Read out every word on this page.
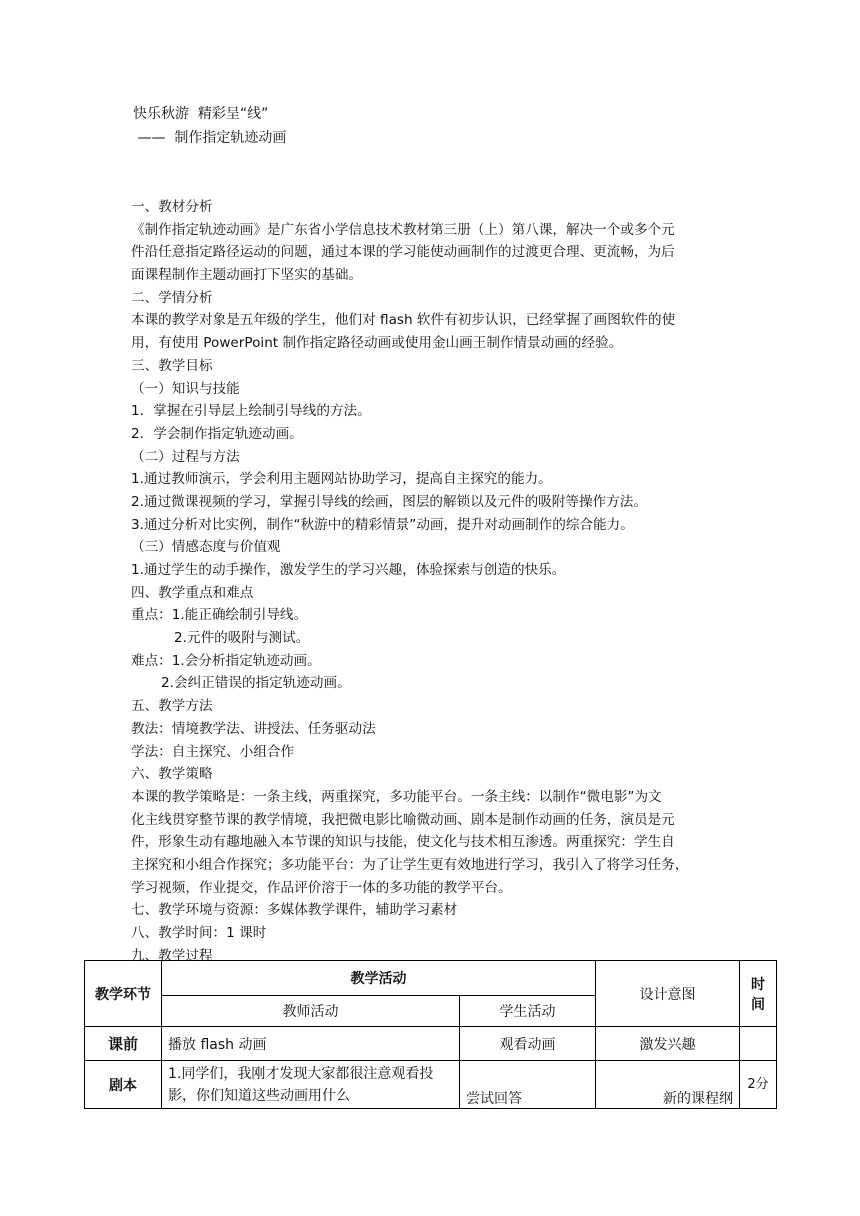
快乐秋游  精彩呈“线”
——  制作指定轨迹动画
一、教材分析
《制作指定轨迹动画》是广东省小学信息技术教材第三册（上）第八课，解决一个或多个元
件沿任意指定路径运动的问题，通过本课的学习能使动画制作的过渡更合理、更流畅，为后
面课程制作主题动画打下坚实的基础。
二、学情分析
本课的教学对象是五年级的学生，他们对 flash 软件有初步认识，已经掌握了画图软件的使
用，有使用 PowerPoint 制作指定路径动画或使用金山画王制作情景动画的经验。
三、教学目标
（一）知识与技能
1．掌握在引导层上绘制引导线的方法。
2．学会制作指定轨迹动画。
（二）过程与方法
1.通过教师演示，学会利用主题网站协助学习，提高自主探究的能力。
2.通过微课视频的学习，掌握引导线的绘画，图层的解锁以及元件的吸附等操作方法。
3.通过分析对比实例，制作“秋游中的精彩情景”动画，提升对动画制作的综合能力。
（三）情感态度与价值观
1.通过学生的动手操作，激发学生的学习兴趣，体验探索与创造的快乐。
四、教学重点和难点
重点：1.能正确绘制引导线。
2.元件的吸附与测试。
难点：1.会分析指定轨迹动画。
2.会纠正错误的指定轨迹动画。
五、教学方法
教法：情境教学法、讲授法、任务驱动法
学法：自主探究、小组合作
六、教学策略
本课的教学策略是：一条主线，两重探究，多功能平台。一条主线：以制作“微电影”为文
化主线贯穿整节课的教学情境，我把微电影比喻微动画、剧本是制作动画的任务，演员是元
件，形象生动有趣地融入本节课的知识与技能，使文化与技术相互渗透。两重探究：学生自
主探究和小组合作探究；多功能平台：为了让学生更有效地进行学习，我引入了将学习任务，
学习视频，作业提交，作品评价溶于一体的多功能的教学平台。
七、教学环境与资源：多媒体教学课件，辅助学习素材
八、教学时间：1 课时
九、教学过程
教学环节	教学活动		设计意图	时间
	教师活动	学生活动		
课前	播放 flash 动画	观看动画	激发兴趣	
剧本	1.同学们，我刚才发现大家都很注意观看投影，你们知道这些动画用什么	尝试回答	新的课程纲	2分
